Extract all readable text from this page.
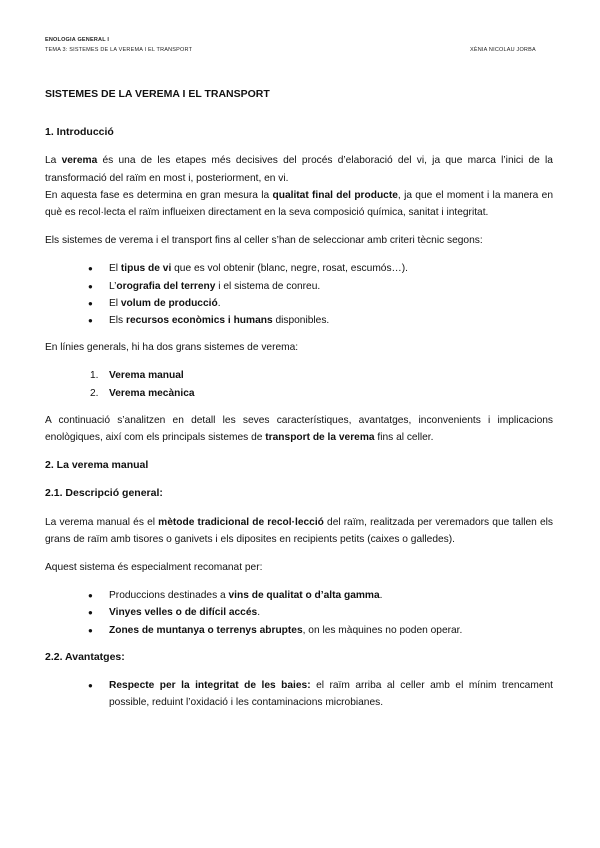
ENOLOGIA GENERAL I
TEMA 3: SISTEMES DE LA VEREMA I EL TRANSPORT	XÈNIA NICOLAU JORBA

SISTEMES DE LA VEREMA I EL TRANSPORT

1. Introducció

La verema és una de les etapes més decisives del procés d’elaboració del vi, ja que marca l’inici de la transformació del raïm en most i, posteriorment, en vi.

En aquesta fase es determina en gran mesura la qualitat final del producte, ja que el moment i la manera en què es recol·lecta el raïm influeixen directament en la seva composició química, sanitat i integritat.

Els sistemes de verema i el transport fins al celler s’han de seleccionar amb criteri tècnic segons:

● El tipus de vi que es vol obtenir (blanc, negre, rosat, escumós…).
● L’orografia del terreny i el sistema de conreu.
● El volum de producció.
● Els recursos econòmics i humans disponibles.

En línies generals, hi ha dos grans sistemes de verema:

1. Verema manual
2. Verema mecànica

A continuació s’analitzen en detall les seves característiques, avantatges, inconvenients i implicacions enològiques, així com els principals sistemes de transport de la verema fins al celler.

2. La verema manual

2.1. Descripció general:

La verema manual és el mètode tradicional de recol·lecció del raïm, realitzada per veremadors que tallen els grans de raïm amb tisores o ganivets i els diposites en recipients petits (caixes o galledes).

Aquest sistema és especialment recomanat per:

● Produccions destinades a vins de qualitat o d’alta gamma.
● Vinyes velles o de difícil accés.
● Zones de muntanya o terrenys abruptes, on les màquines no poden operar.

2.2. Avantatges:

● Respecte per la integritat de les baies: el raïm arriba al celler amb el mínim trencament possible, reduint l’oxidació i les contaminacions microbianes.
